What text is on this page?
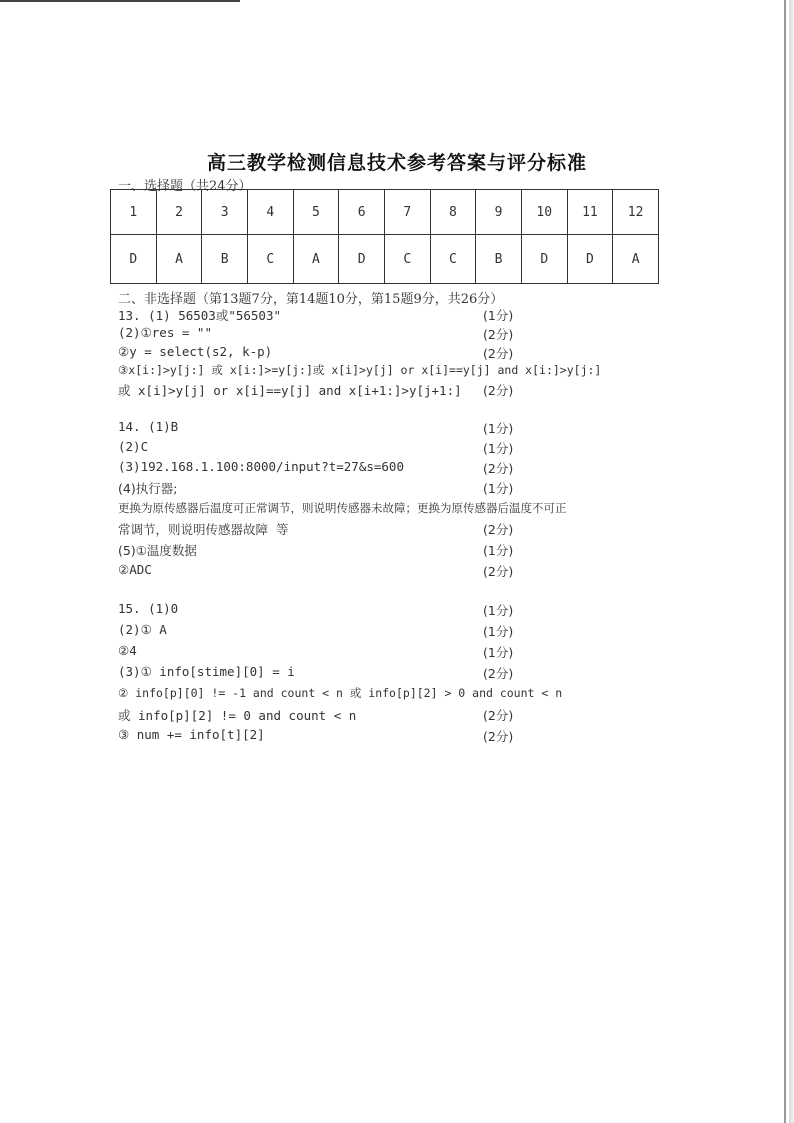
高三教学检测信息技术参考答案与评分标准
一、选择题（共24分）
1	2	3	4	5	6	7	8	9	10	11	12
D	A	B	C	A	D	C	C	B	D	D	A
二、非选择题（第13题7分，第14题10分，第15题9分，共26分）
13. (1) 56503或"56503"	(1分)
(2)①res = ""	(2分)
②y = select(s2, k-p)	(2分)
③x[i:]>y[j:] 或 x[i:]>=y[j:]或 x[i]>y[j] or x[i]==y[j] and x[i:]>y[j:]
或 x[i]>y[j] or x[i]==y[j] and x[i+1:]>y[j+1:] (2分)
14. (1)B	(1分)
(2)C	(1分)
(3)192.168.1.100:8000/input?t=27&s=600	(2分)
(4)执行器;	(1分)
更换为原传感器后温度可正常调节，则说明传感器未故障；更换为原传感器后温度不可正
常调节，则说明传感器故障  等	(2分)
(5)①温度数据	(1分)
②ADC	(2分)
15. (1)0	(1分)
(2)① A	(1分)
②4	(1分)
(3)① info[stime][0] = i	(2分)
② info[p][0] != -1 and count < n 或 info[p][2] > 0 and count < n
或 info[p][2] != 0 and count < n	(2分)
③ num += info[t][2]	(2分)
